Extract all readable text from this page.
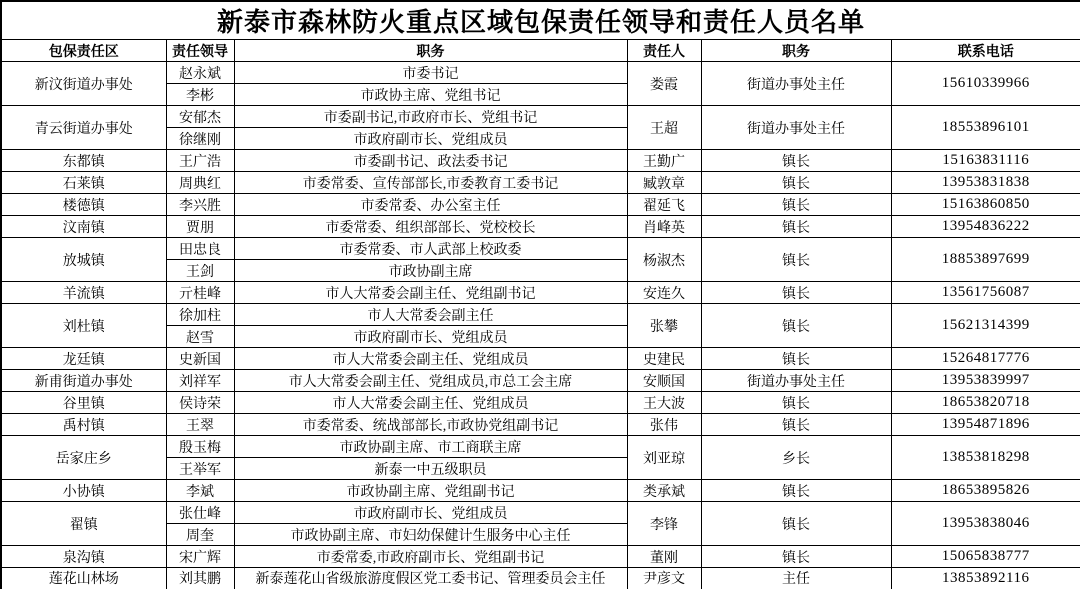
新泰市森林防火重点区域包保责任领导和责任人员名单					
包保责任区	责任领导	职务	责任人	职务	联系电话
新汶街道办事处	赵永斌	市委书记	娄霞	街道办事处主任	15610339966
	李彬	市政协主席、党组书记			
青云街道办事处	安郁杰	市委副书记,市政府市长、党组书记	王超	街道办事处主任	18553896101
	徐继刚	市政府副市长、党组成员			
东都镇	王广浩	市委副书记、政法委书记	王勤广	镇长	15163831116
石莱镇	周典红	市委常委、宣传部部长,市委教育工委书记	臧敦章	镇长	13953831838
楼德镇	李兴胜	市委常委、办公室主任	翟延飞	镇长	15163860850
汶南镇	贾朋	市委常委、组织部部长、党校校长	肖峰英	镇长	13954836222
放城镇	田忠良	市委常委、市人武部上校政委	杨淑杰	镇长	18853897699
	王剑	市政协副主席			
羊流镇	亓桂峰	市人大常委会副主任、党组副书记	安连久	镇长	13561756087
刘杜镇	徐加柱	市人大常委会副主任	张攀	镇长	15621314399
	赵雪	市政府副市长、党组成员			
龙廷镇	史新国	市人大常委会副主任、党组成员	史建民	镇长	15264817776
新甫街道办事处	刘祥军	市人大常委会副主任、党组成员,市总工会主席	安顺国	街道办事处主任	13953839997
谷里镇	侯诗荣	市人大常委会副主任、党组成员	王大波	镇长	18653820718
禹村镇	王翠	市委常委、统战部部长,市政协党组副书记	张伟	镇长	13954871896
岳家庄乡	殷玉梅	市政协副主席、市工商联主席	刘亚琼	乡长	13853818298
	王举军	新泰一中五级职员			
小协镇	李斌	市政协副主席、党组副书记	类承斌	镇长	18653895826
翟镇	张仕峰	市政府副市长、党组成员	李锋	镇长	13953838046
	周奎	市政协副主席、市妇幼保健计生服务中心主任			
泉沟镇	宋广辉	市委常委,市政府副市长、党组副书记	董刚	镇长	15065838777
莲花山林场	刘其鹏	新泰莲花山省级旅游度假区党工委书记、管理委员会主任	尹彦文	主任	13853892116
